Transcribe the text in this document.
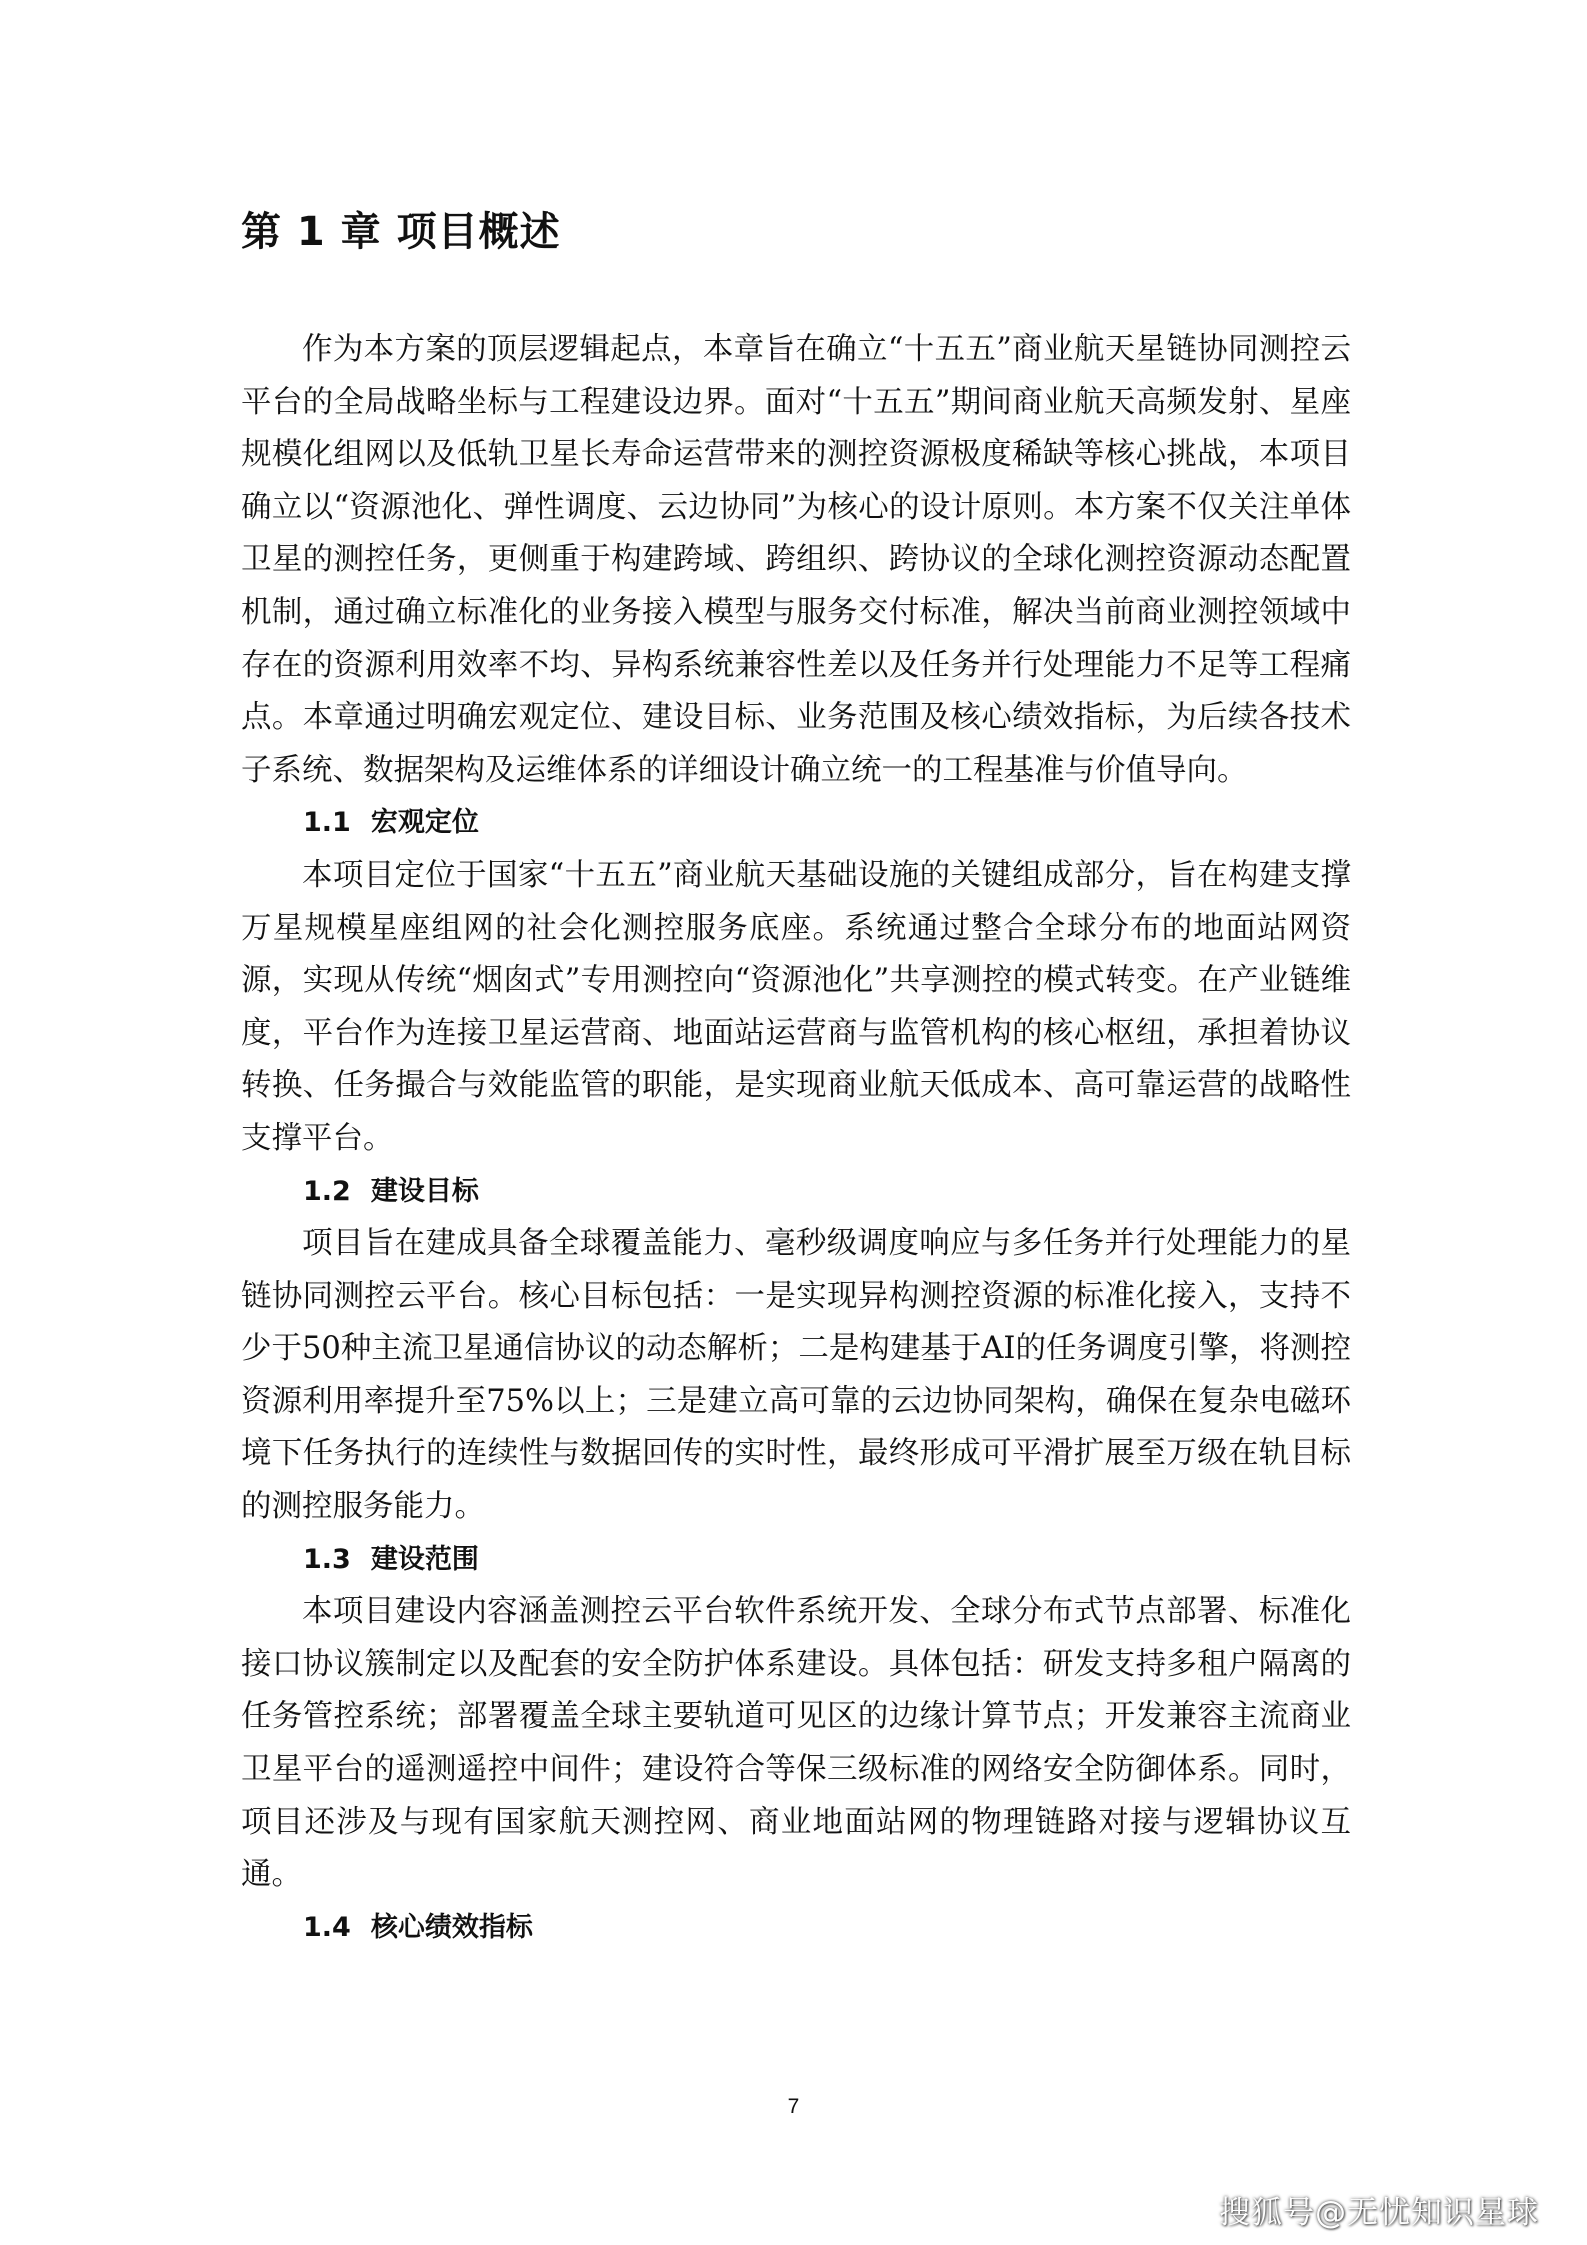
第 1 章 项目概述

作为本方案的顶层逻辑起点，本章旨在确立“十五五”商业航天星链协同测控云平台的全局战略坐标与工程建设边界。面对“十五五”期间商业航天高频发射、星座规模化组网以及低轨卫星长寿命运营带来的测控资源极度稀缺等核心挑战，本项目确立以“资源池化、弹性调度、云边协同”为核心的设计原则。本方案不仅关注单体卫星的测控任务，更侧重于构建跨域、跨组织、跨协议的全球化测控资源动态配置机制，通过确立标准化的业务接入模型与服务交付标准，解决当前商业测控领域中存在的资源利用效率不均、异构系统兼容性差以及任务并行处理能力不足等工程痛点。本章通过明确宏观定位、建设目标、业务范围及核心绩效指标，为后续各技术子系统、数据架构及运维体系的详细设计确立统一的工程基准与价值导向。

1.1 宏观定位

本项目定位于国家“十五五”商业航天基础设施的关键组成部分，旨在构建支撑万星规模星座组网的社会化测控服务底座。系统通过整合全球分布的地面站网资源，实现从传统“烟囱式”专用测控向“资源池化”共享测控的模式转变。在产业链维度，平台作为连接卫星运营商、地面站运营商与监管机构的核心枢纽，承担着协议转换、任务撮合与效能监管的职能，是实现商业航天低成本、高可靠运营的战略性支撑平台。

1.2 建设目标

项目旨在建成具备全球覆盖能力、毫秒级调度响应与多任务并行处理能力的星链协同测控云平台。核心目标包括：一是实现异构测控资源的标准化接入，支持不少于50种主流卫星通信协议的动态解析；二是构建基于AI的任务调度引擎，将测控资源利用率提升至75%以上；三是建立高可靠的云边协同架构，确保在复杂电磁环境下任务执行的连续性与数据回传的实时性，最终形成可平滑扩展至万级在轨目标的测控服务能力。

1.3 建设范围

本项目建设内容涵盖测控云平台软件系统开发、全球分布式节点部署、标准化接口协议簇制定以及配套的安全防护体系建设。具体包括：研发支持多租户隔离的任务管控系统；部署覆盖全球主要轨道可见区的边缘计算节点；开发兼容主流商业卫星平台的遥测遥控中间件；建设符合等保三级标准的网络安全防御体系。同时，项目还涉及与现有国家航天测控网、商业地面站网的物理链路对接与逻辑协议互通。

1.4 核心绩效指标
7
搜狐号@无忧知识星球
